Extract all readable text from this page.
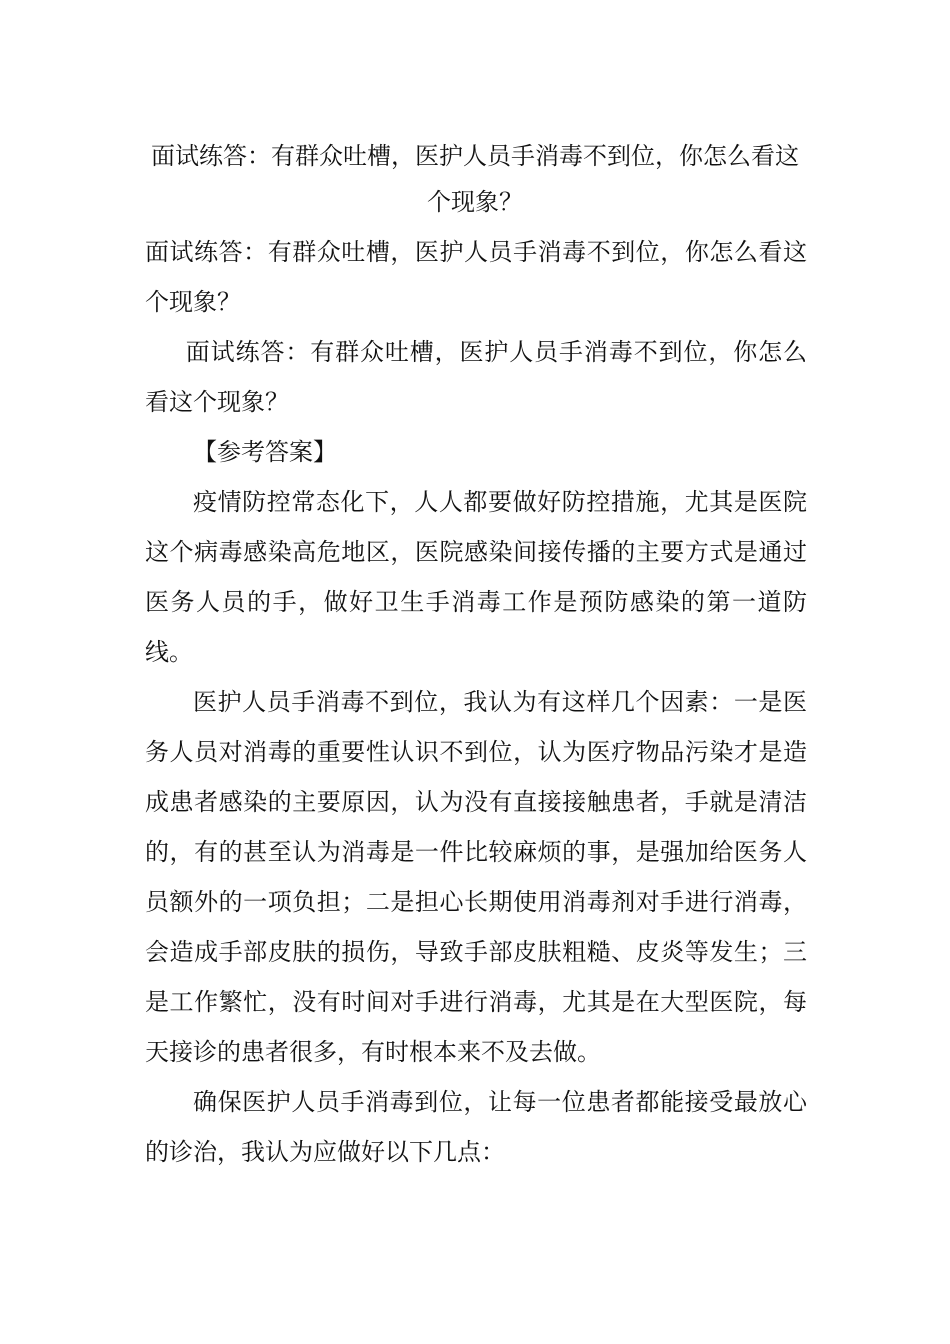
面试练答：有群众吐槽，医护人员手消毒不到位，你怎么看这个现象？

面试练答：有群众吐槽，医护人员手消毒不到位，你怎么看这个现象？

面试练答：有群众吐槽，医护人员手消毒不到位，你怎么看这个现象？

【参考答案】

疫情防控常态化下，人人都要做好防控措施，尤其是医院这个病毒感染高危地区，医院感染间接传播的主要方式是通过医务人员的手，做好卫生手消毒工作是预防感染的第一道防线。

医护人员手消毒不到位，我认为有这样几个因素：一是医务人员对消毒的重要性认识不到位，认为医疗物品污染才是造成患者感染的主要原因，认为没有直接接触患者，手就是清洁的，有的甚至认为消毒是一件比较麻烦的事，是强加给医务人员额外的一项负担；二是担心长期使用消毒剂对手进行消毒，会造成手部皮肤的损伤，导致手部皮肤粗糙、皮炎等发生；三是工作繁忙，没有时间对手进行消毒，尤其是在大型医院，每天接诊的患者很多，有时根本来不及去做。

确保医护人员手消毒到位，让每一位患者都能接受最放心的诊治，我认为应做好以下几点：
